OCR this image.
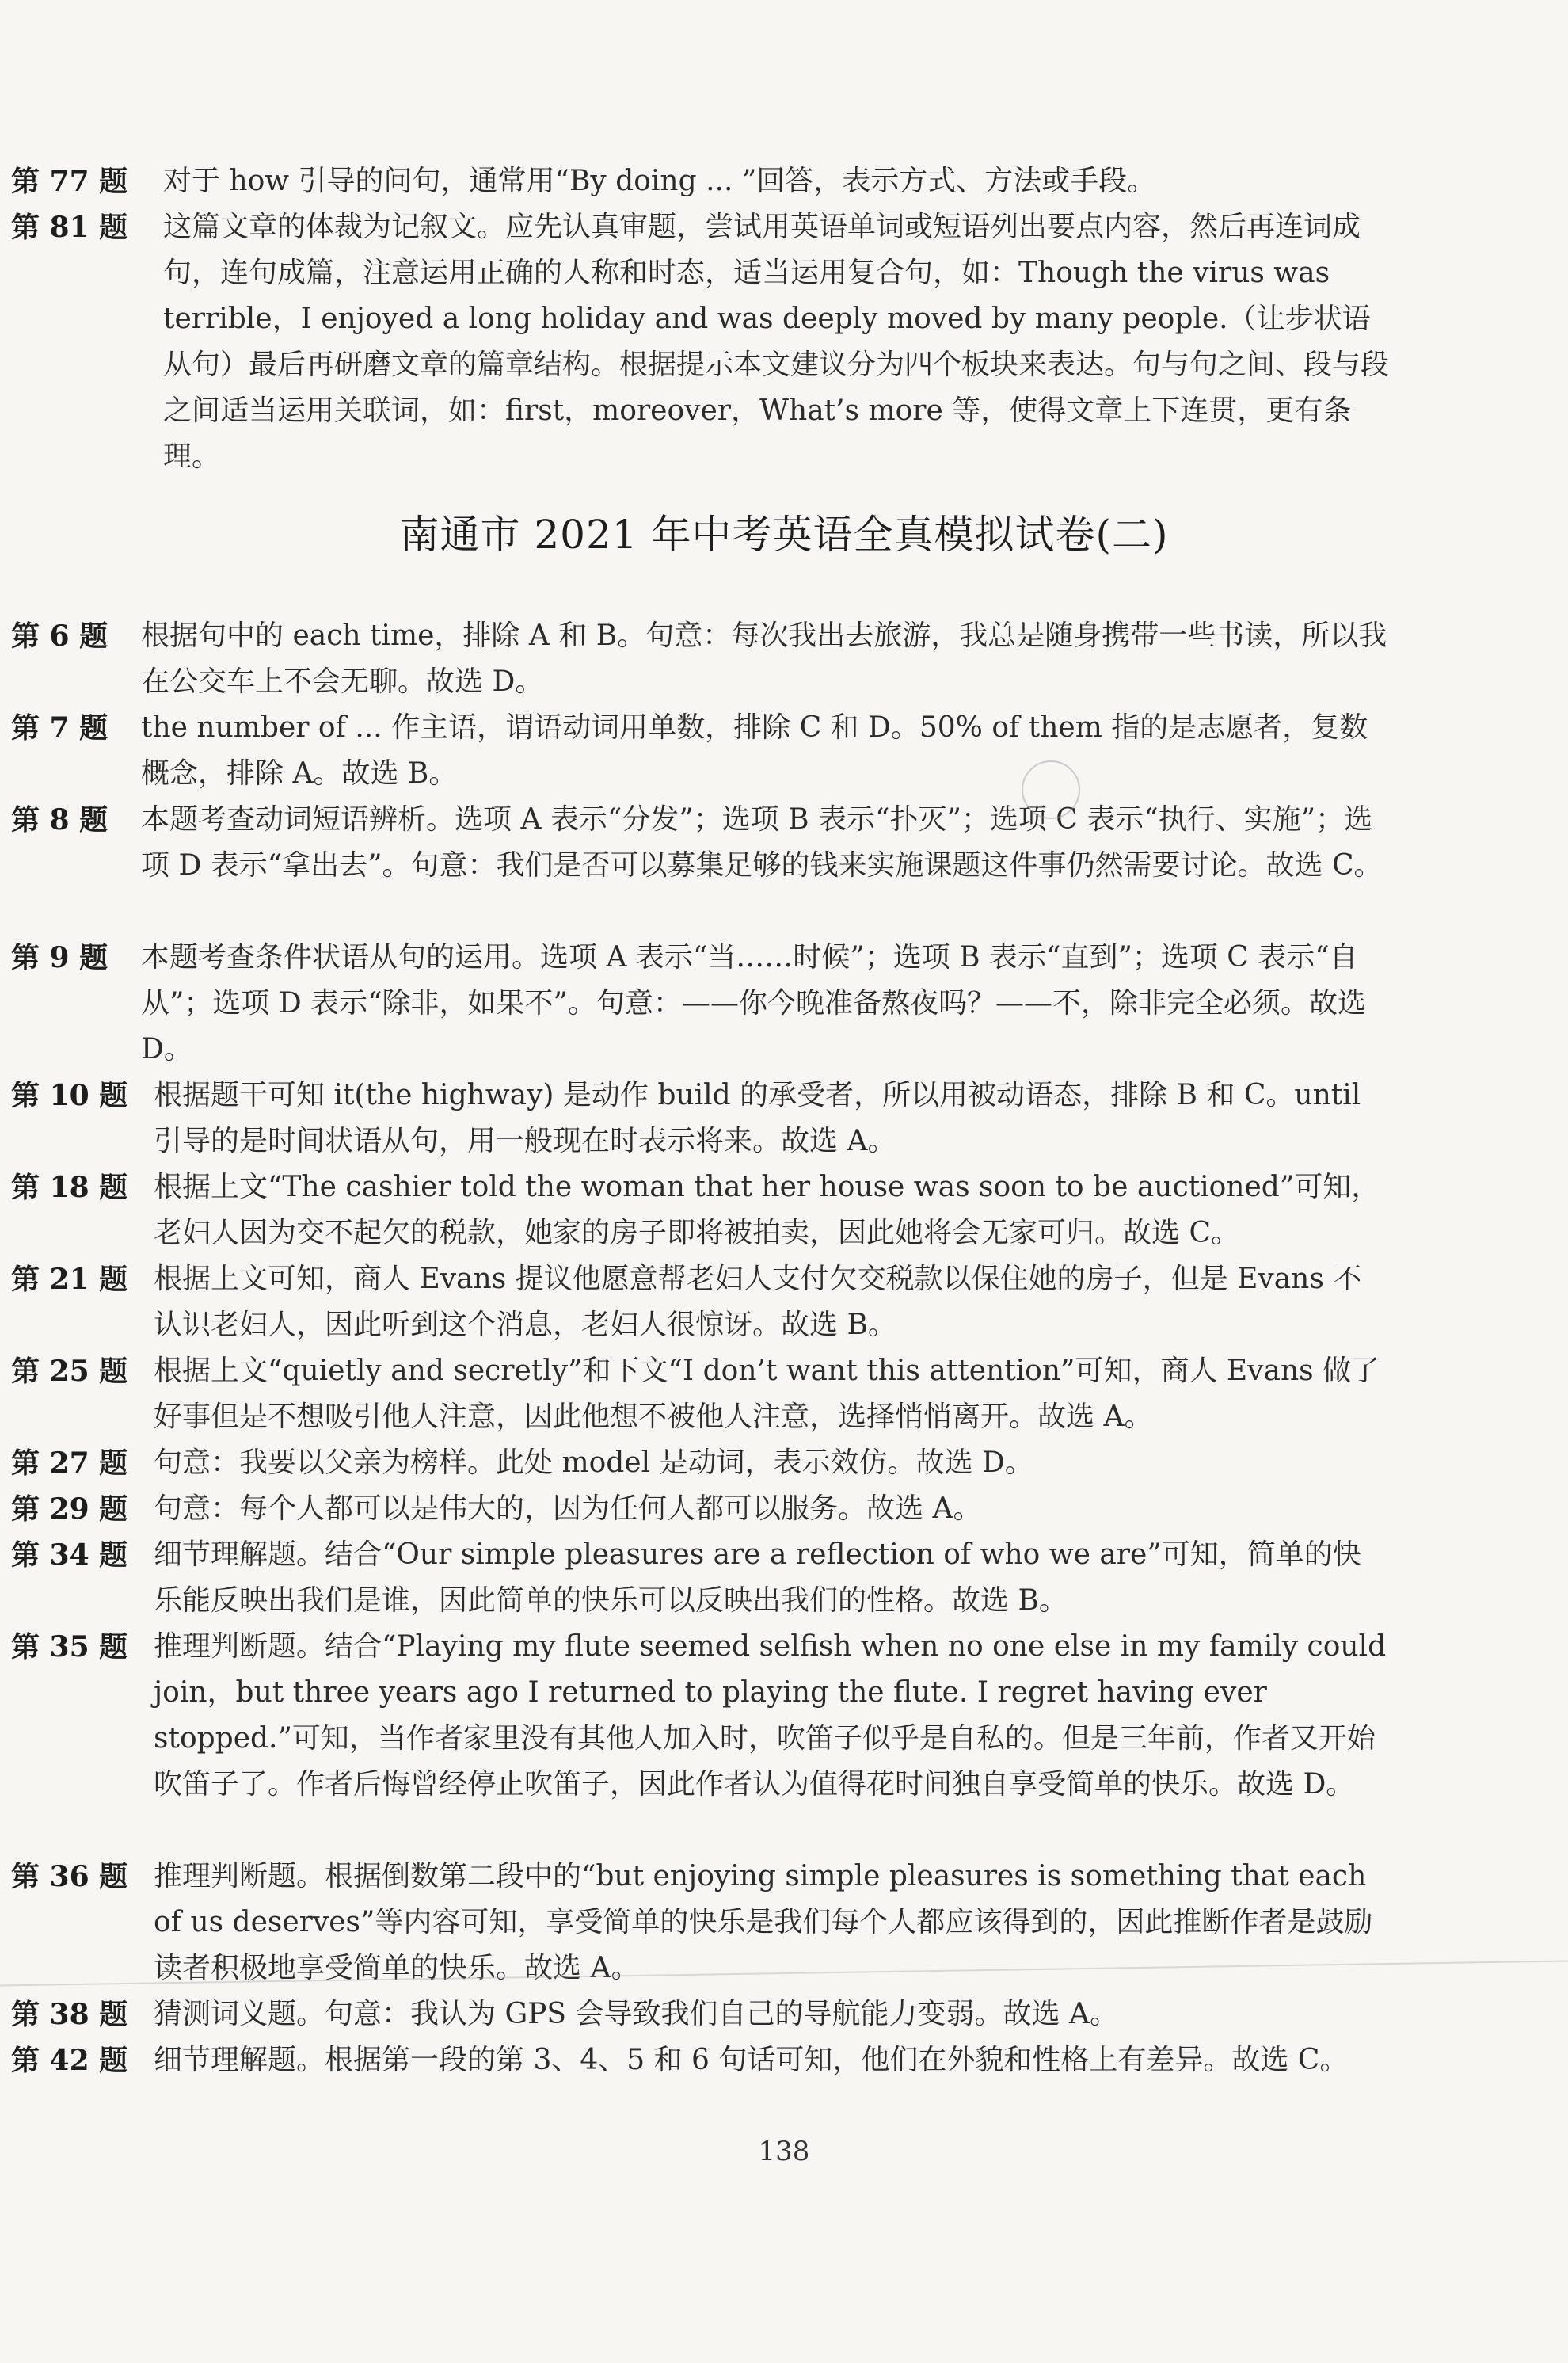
第 77 题 对于 how 引导的问句，通常用“By doing ... ”回答，表示方式、方法或手段。
第 81 题 这篇文章的体裁为记叙文。应先认真审题，尝试用英语单词或短语列出要点内容，然后再连词成句，连句成篇，注意运用正确的人称和时态，适当运用复合句，如：Though the virus was terrible，I enjoyed a long holiday and was deeply moved by many people.（让步状语从句）最后再研磨文章的篇章结构。根据提示本文建议分为四个板块来表达。句与句之间、段与段之间适当运用关联词，如：first，moreover，What’s more 等，使得文章上下连贯，更有条理。
南通市 2021 年中考英语全真模拟试卷(二)
第 6 题 根据句中的 each time，排除 A 和 B。句意：每次我出去旅游，我总是随身携带一些书读，所以我在公交车上不会无聊。故选 D。
第 7 题 the number of ... 作主语，谓语动词用单数，排除 C 和 D。50% of them 指的是志愿者，复数概念，排除 A。故选 B。
第 8 题 本题考查动词短语辨析。选项 A 表示“分发”；选项 B 表示“扑灭”；选项 C 表示“执行、实施”；选项 D 表示“拿出去”。句意：我们是否可以募集足够的钱来实施课题这件事仍然需要讨论。故选 C。
第 9 题 本题考查条件状语从句的运用。选项 A 表示“当……时候”；选项 B 表示“直到”；选项 C 表示“自从”；选项 D 表示“除非，如果不”。句意：——你今晚准备熬夜吗？——不，除非完全必须。故选 D。
第 10 题 根据题干可知 it(the highway) 是动作 build 的承受者，所以用被动语态，排除 B 和 C。until 引导的是时间状语从句，用一般现在时表示将来。故选 A。
第 18 题 根据上文“The cashier told the woman that her house was soon to be auctioned”可知，老妇人因为交不起欠的税款，她家的房子即将被拍卖，因此她将会无家可归。故选 C。
第 21 题 根据上文可知，商人 Evans 提议他愿意帮老妇人支付欠交税款以保住她的房子，但是 Evans 不认识老妇人，因此听到这个消息，老妇人很惊讶。故选 B。
第 25 题 根据上文“quietly and secretly”和下文“I don’t want this attention”可知，商人 Evans 做了好事但是不想吸引他人注意，因此他想不被他人注意，选择悄悄离开。故选 A。
第 27 题 句意：我要以父亲为榜样。此处 model 是动词，表示效仿。故选 D。
第 29 题 句意：每个人都可以是伟大的，因为任何人都可以服务。故选 A。
第 34 题 细节理解题。结合“Our simple pleasures are a reflection of who we are”可知，简单的快乐能反映出我们是谁，因此简单的快乐可以反映出我们的性格。故选 B。
第 35 题 推理判断题。结合“Playing my flute seemed selfish when no one else in my family could join，but three years ago I returned to playing the flute. I regret having ever stopped.”可知，当作者家里没有其他人加入时，吹笛子似乎是自私的。但是三年前，作者又开始吹笛子了。作者后悔曾经停止吹笛子，因此作者认为值得花时间独自享受简单的快乐。故选 D。
第 36 题 推理判断题。根据倒数第二段中的“but enjoying simple pleasures is something that each of us deserves”等内容可知，享受简单的快乐是我们每个人都应该得到的，因此推断作者是鼓励读者积极地享受简单的快乐。故选 A。
第 38 题 猜测词义题。句意：我认为 GPS 会导致我们自己的导航能力变弱。故选 A。
第 42 题 细节理解题。根据第一段的第 3、4、5 和 6 句话可知，他们在外貌和性格上有差异。故选 C。
138
